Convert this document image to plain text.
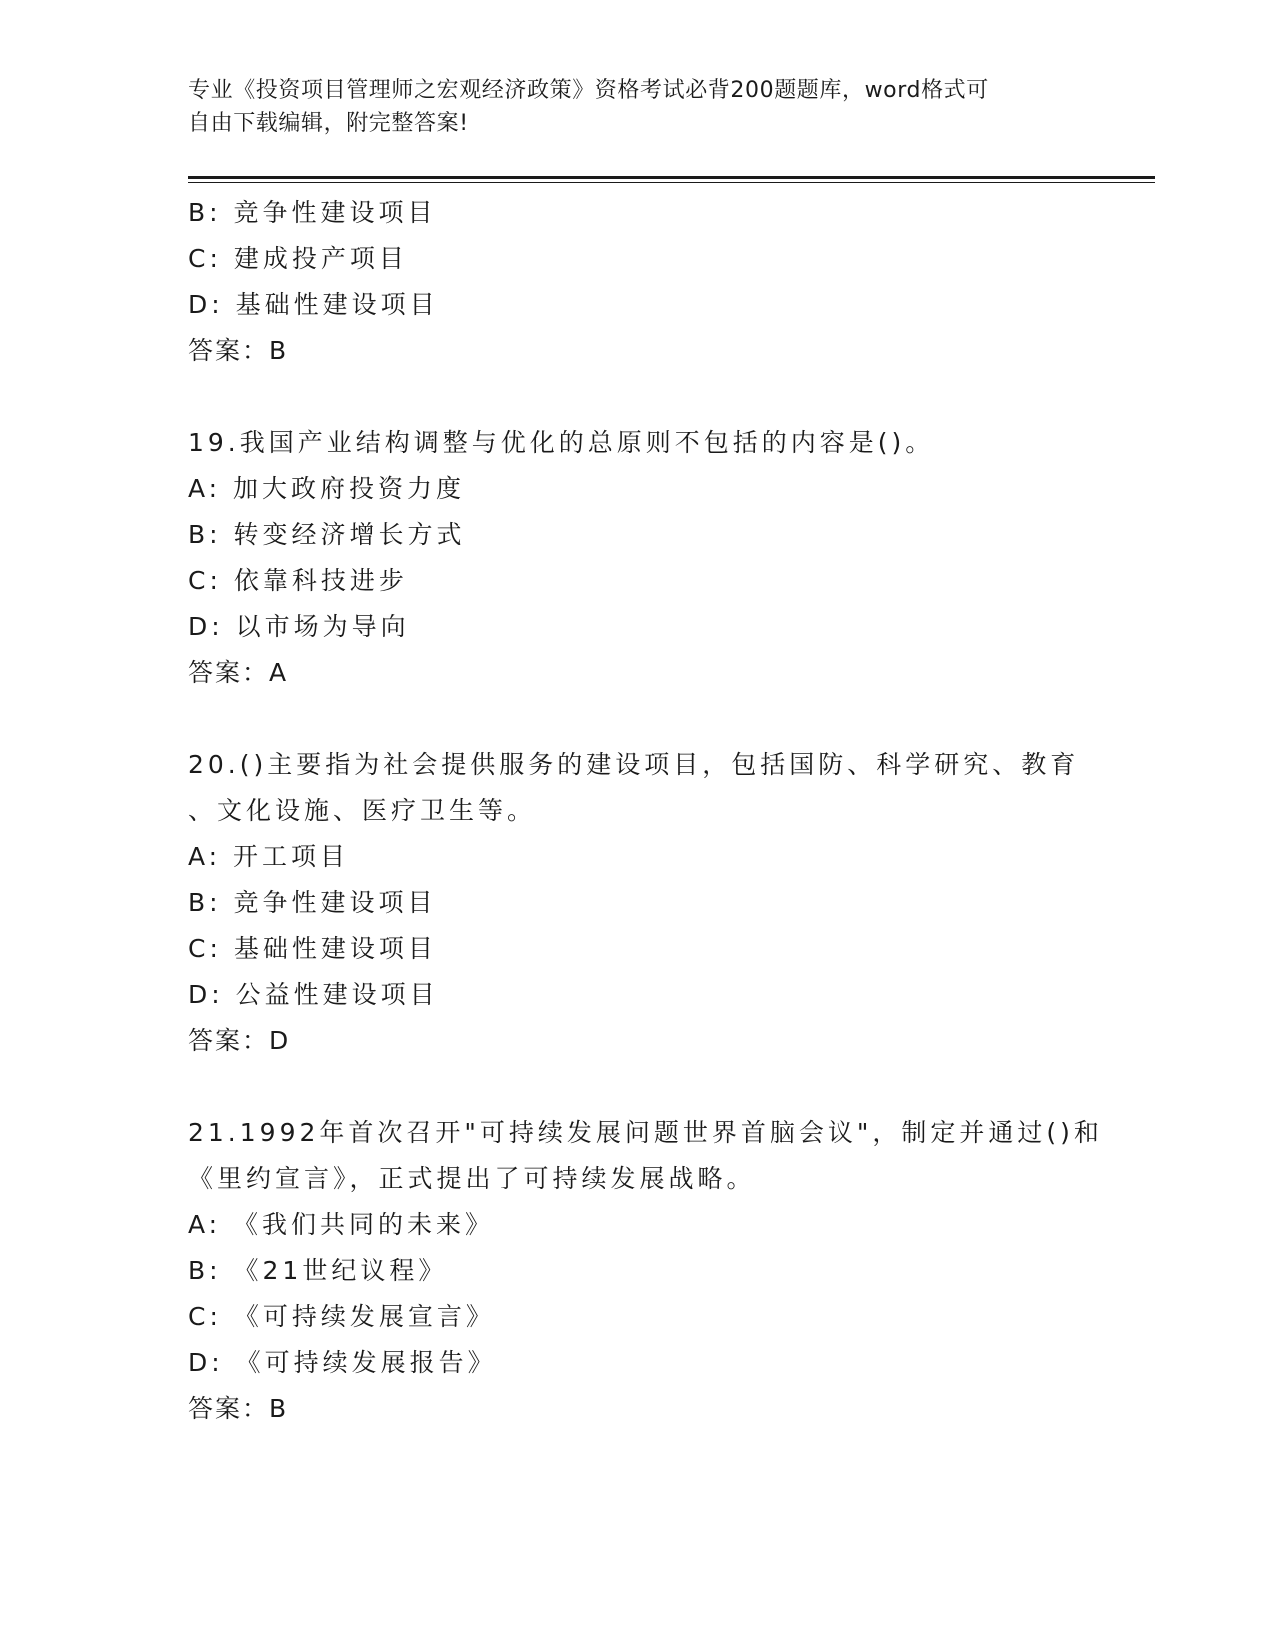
专业《投资项目管理师之宏观经济政策》资格考试必背200题题库，word格式可
自由下载编辑，附完整答案!
B: 竞争性建设项目
C: 建成投产项目
D: 基础性建设项目
答案：B
19.我国产业结构调整与优化的总原则不包括的内容是()。
A: 加大政府投资力度
B: 转变经济增长方式
C: 依靠科技进步
D: 以市场为导向
答案：A
20.()主要指为社会提供服务的建设项目，包括国防、科学研究、教育
、文化设施、医疗卫生等。
A: 开工项目
B: 竞争性建设项目
C: 基础性建设项目
D: 公益性建设项目
答案：D
21.1992年首次召开"可持续发展问题世界首脑会议"，制定并通过()和
《里约宣言》，正式提出了可持续发展战略。
A: 《我们共同的未来》
B: 《21世纪议程》
C: 《可持续发展宣言》
D: 《可持续发展报告》
答案：B
